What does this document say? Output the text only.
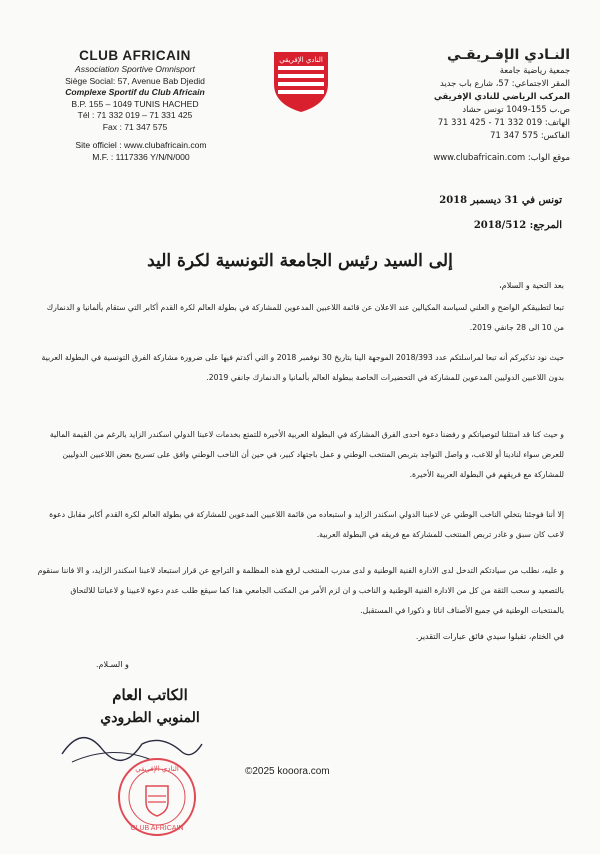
CLUB AFRICAIN
Association Sportive Omnisport
Siège Social: 57, Avenue Bab Djedid
Complexe Sportif du Club Africain
B.P. 155 – 1049 TUNIS HACHED
Tél : 71 332 019 – 71 331 425
Fax : 71 347 575
Site officiel : www.clubafricain.com
M.F. : 1117336 Y/N/N/000
النادي الإفريقي	النـادي الإفـريقـي
جمعية رياضية جامعة
المقر الاجتماعي: 57، شارع باب جديد
المركب الرياضي للنادي الإفريقي
ص.ب 155-1049 تونس حشاد
الهاتف: 019 332 71 - 425 331 71
الفاكس: 575 347 71
موقع الواب: www.clubafricain.com
تونس في 31 ديسمبر 2018
المرجع: 2018/512
إلى السيد رئيس الجامعة التونسية لكرة اليد
بعد التحية و السلام،
تبعا لتطبيقكم الواضح و العلني لسياسة المكيالين عند الاعلان عن قائمة اللاعبين المدعوين للمشاركة في بطولة العالم لكرة القدم أكابر التي ستقام بألمانيا و الدنمارك من 10 الى 28 جانفي 2019.
حيث نود تذكيركم أنه تبعا لمراسلتكم عدد 2018/393 الموجهة الينا بتاريخ 30 نوفمبر 2018 و التي أكدتم فيها على ضرورة مشاركة الفرق التونسية في البطولة العربية بدون اللاعبين الدوليين المدعوين للمشاركة في التحضيرات الخاصة ببطولة العالم بألمانيا و الدنمارك جانفي 2019.
و حيث كنا قد امتثلنا لتوصياتكم و رفضنا دعوة احدى الفرق المشاركة في البطولة العربية الأخيرة للتمتع بخدمات لاعبنا الدولي اسكندر الزايد بالرغم من القيمة المالية للعرض سواء لنادينا أو للاعب، و واصل التواجد بتربص المنتخب الوطني و عمل باجتهاد كبير، في حين أن الناخب الوطني وافق على تسريح بعض اللاعبين الدوليين للمشاركة مع فريقهم في البطولة العربية الأخيرة.
إلا أننا فوجئنا بتخلي الناخب الوطني عن لاعبنا الدولي اسكندر الزايد و استبعاده من قائمة اللاعبين المدعوين للمشاركة في بطولة العالم لكرة القدم أكابر مقابل دعوة لاعب كان سبق و غادر تربص المنتخب للمشاركة مع فريقه في البطولة العربية.
و عليه، نطلب من سيادتكم التدخل لدى الادارة الفنية الوطنية و لدى مدرب المنتخب لرفع هذه المظلمة و التراجع عن قرار استبعاد لاعبنا اسكندر الزايد، و الا فاننا سنقوم بالتصعيد و سحب الثقة من كل من الادارة الفنية الوطنية و الناخب و ان لزم الأمر من المكتب الجامعي هذا كما سيقع طلب عدم دعوة لاعبينا و لاعباتنا للالتحاق بالمنتخبات الوطنية في جميع الأصناف اناثا و ذكورا في المستقبل.
في الختام، تقبلوا سيدي فائق عبارات التقدير.
و السـلام.
الكاتب العام
المنوبي الطرودي
النادي الإفريقي
CLUB AFRICAIN
©2025 kooora.com
